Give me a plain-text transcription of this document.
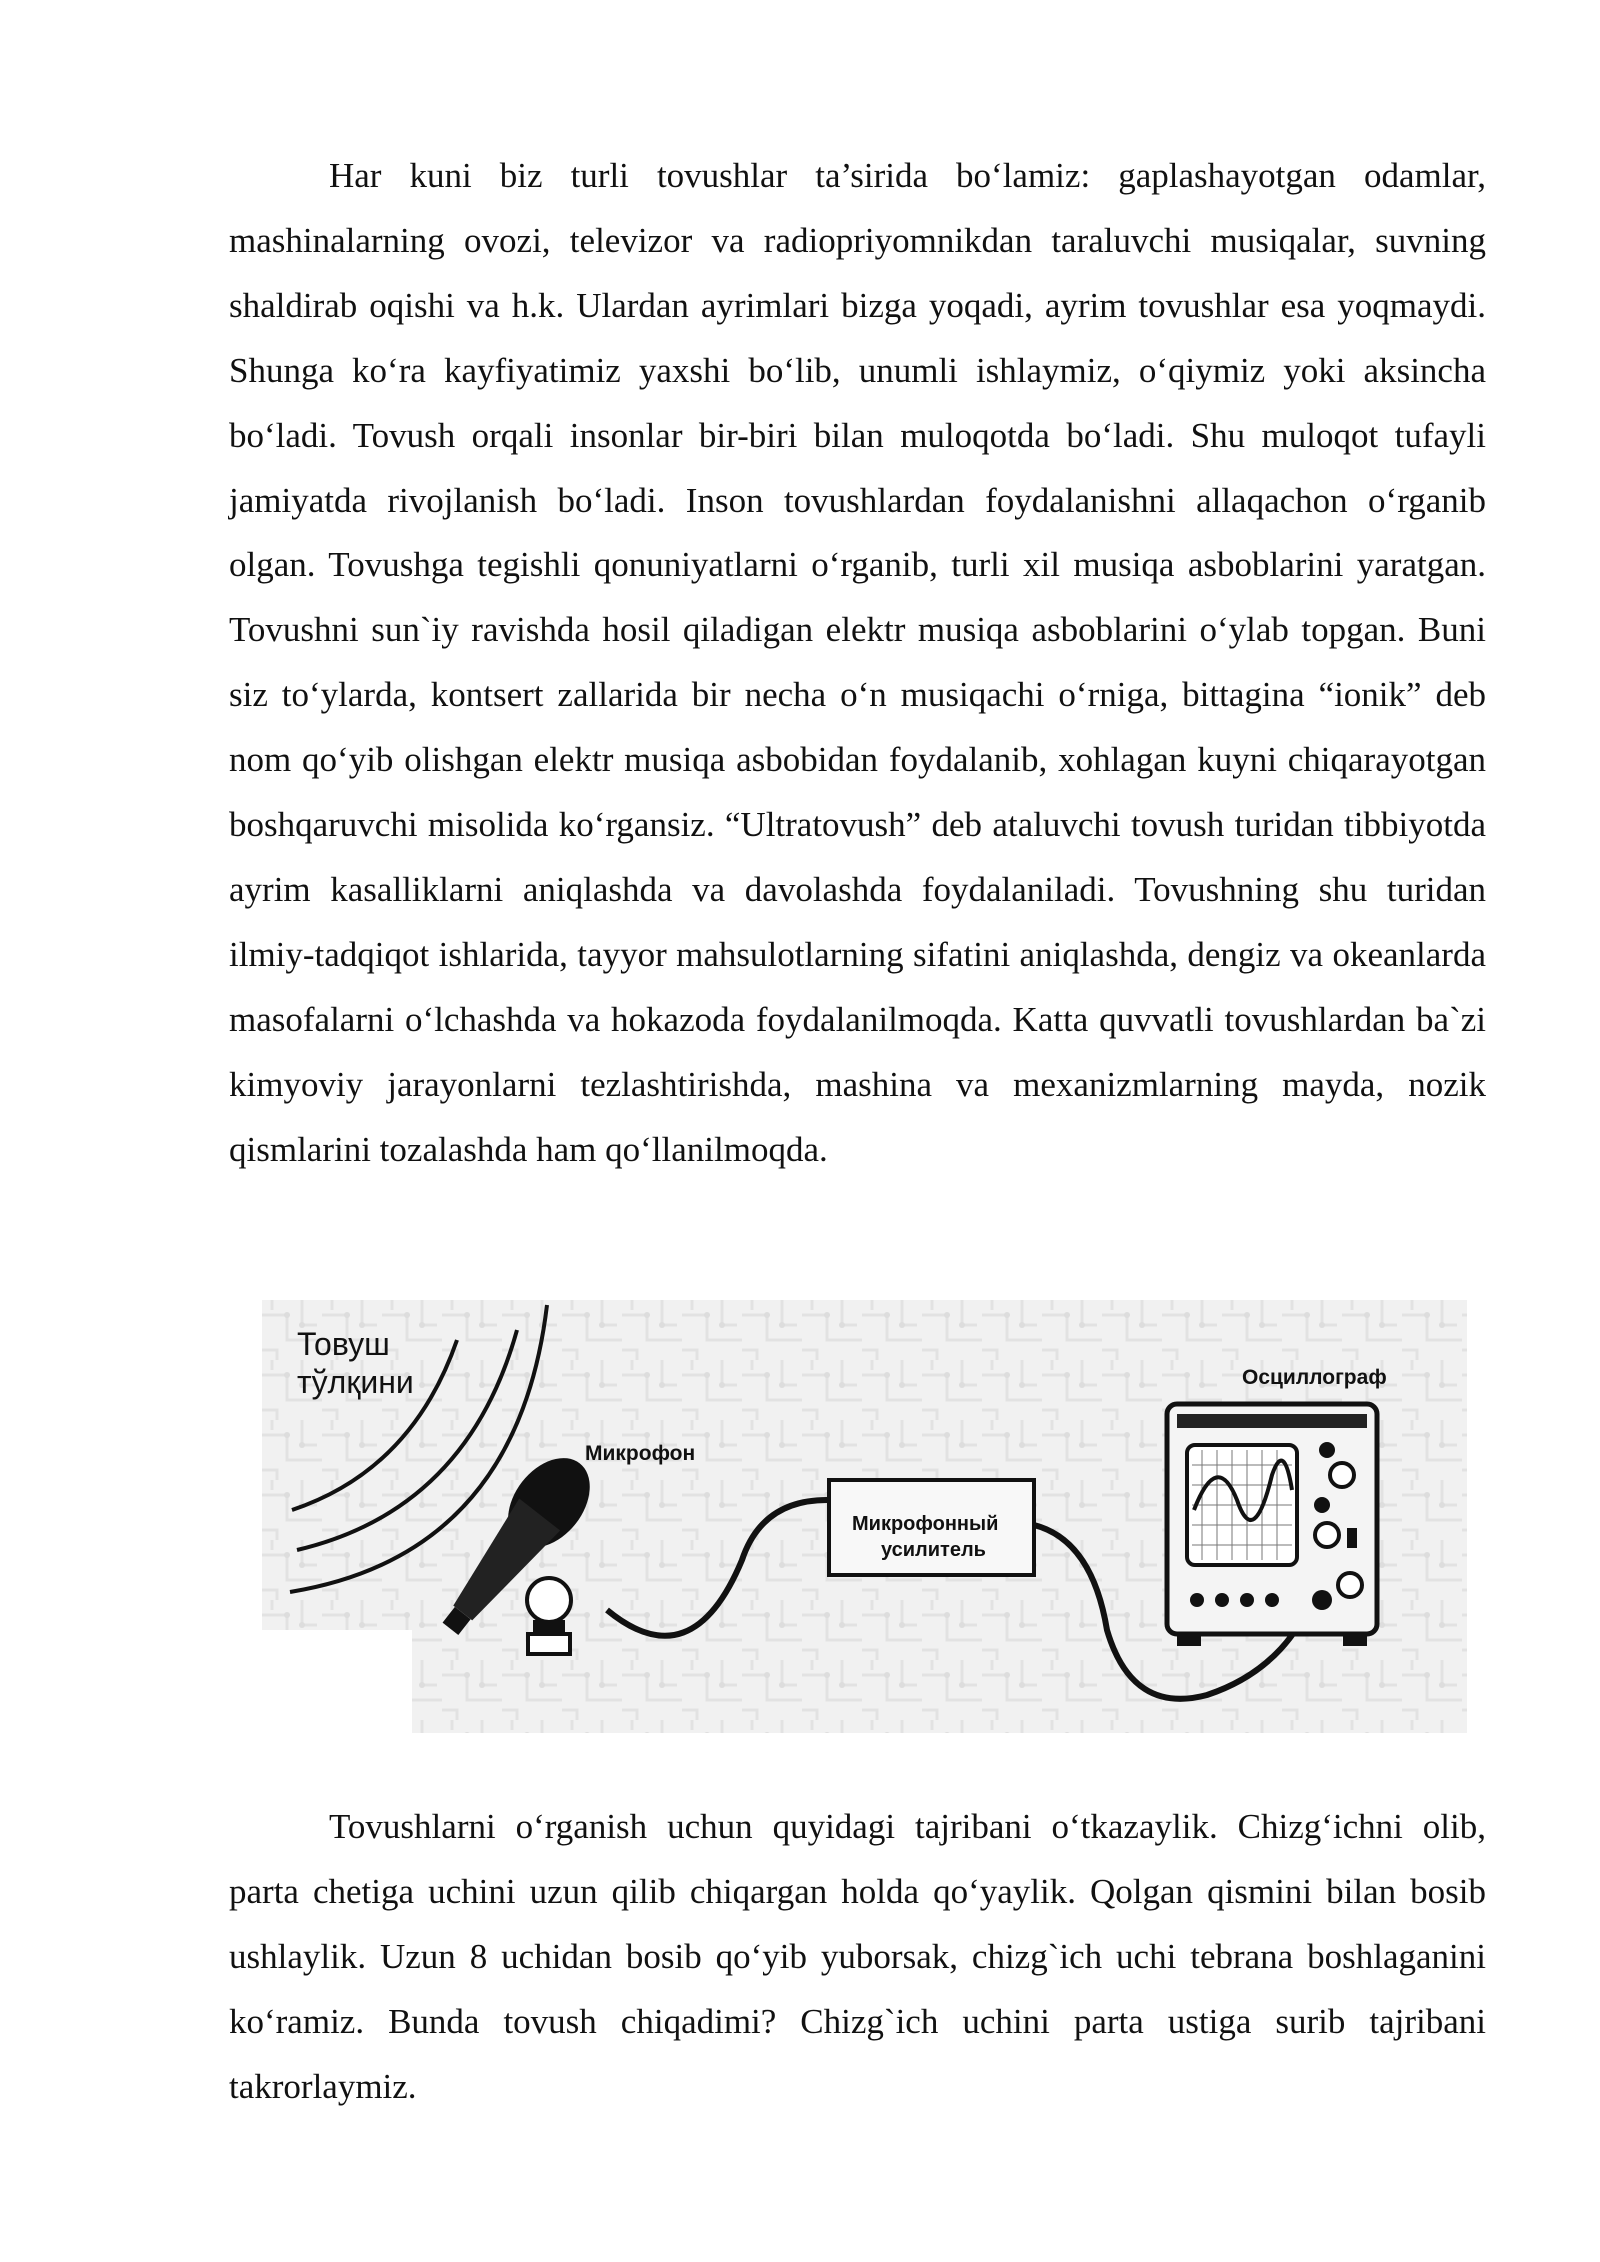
Har kuni biz turli tovushlar ta’sirida bo‘lamiz: gaplashayotgan odamlar, mashinalarning ovozi, televizor va radiopriyomnikdan taraluvchi musiqalar, suvning shaldirab oqishi va h.k. Ulardan ayrimlari bizga yoqadi, ayrim tovushlar esa yoqmaydi. Shunga ko‘ra kayfiyatimiz yaxshi bo‘lib, unumli ishlaymiz, o‘qiymiz yoki aksincha bo‘ladi. Tovush orqali insonlar bir-biri bilan muloqotda bo‘ladi. Shu muloqot tufayli jamiyatda rivojlanish bo‘ladi. Inson tovushlardan foydalanishni allaqachon o‘rganib olgan. Tovushga tegishli qonuniyatlarni o‘rganib, turli xil musiqa asboblarini yaratgan. Tovushni sun`iy ravishda hosil qiladigan elektr musiqa asboblarini o‘ylab topgan. Buni siz to‘ylarda, kontsert zallarida bir necha o‘n musiqachi o‘rniga, bittagina “ionik” deb nom qo‘yib olishgan elektr musiqa asbobidan foydalanib, xohlagan kuyni chiqarayotgan boshqaruvchi misolida ko‘rgansiz. “Ultratovush” deb ataluvchi tovush turidan tibbiyotda ayrim kasalliklarni aniqlashda va davolashda foydalaniladi. Tovushning shu turidan ilmiy-tadqiqot ishlarida, tayyor mahsulotlarning sifatini aniqlashda, dengiz va okeanlarda masofalarni o‘lchashda va hokazoda foydalanilmoqda. Katta quvvatli tovushlardan ba`zi kimyoviy jarayonlarni tezlashtirishda, mashina va mexanizmlarning mayda, nozik qismlarini tozalashda ham qo‘llanilmoqda.

Товуш
тўлқини
Микрофон
Осциллограф
Микрофонный
усилитель

Tovushlarni o‘rganish uchun quyidagi tajribani o‘tkazaylik. Chizg‘ichni olib, parta chetiga uchini uzun qilib chiqargan holda qo‘yaylik. Qolgan qismini bilan bosib ushlaylik. Uzun 8 uchidan bosib qo‘yib yuborsak, chizg`ich uchi tebrana boshlaganini ko‘ramiz. Bunda tovush chiqadimi? Chizg`ich uchini parta ustiga surib tajribani takrorlaymiz.
